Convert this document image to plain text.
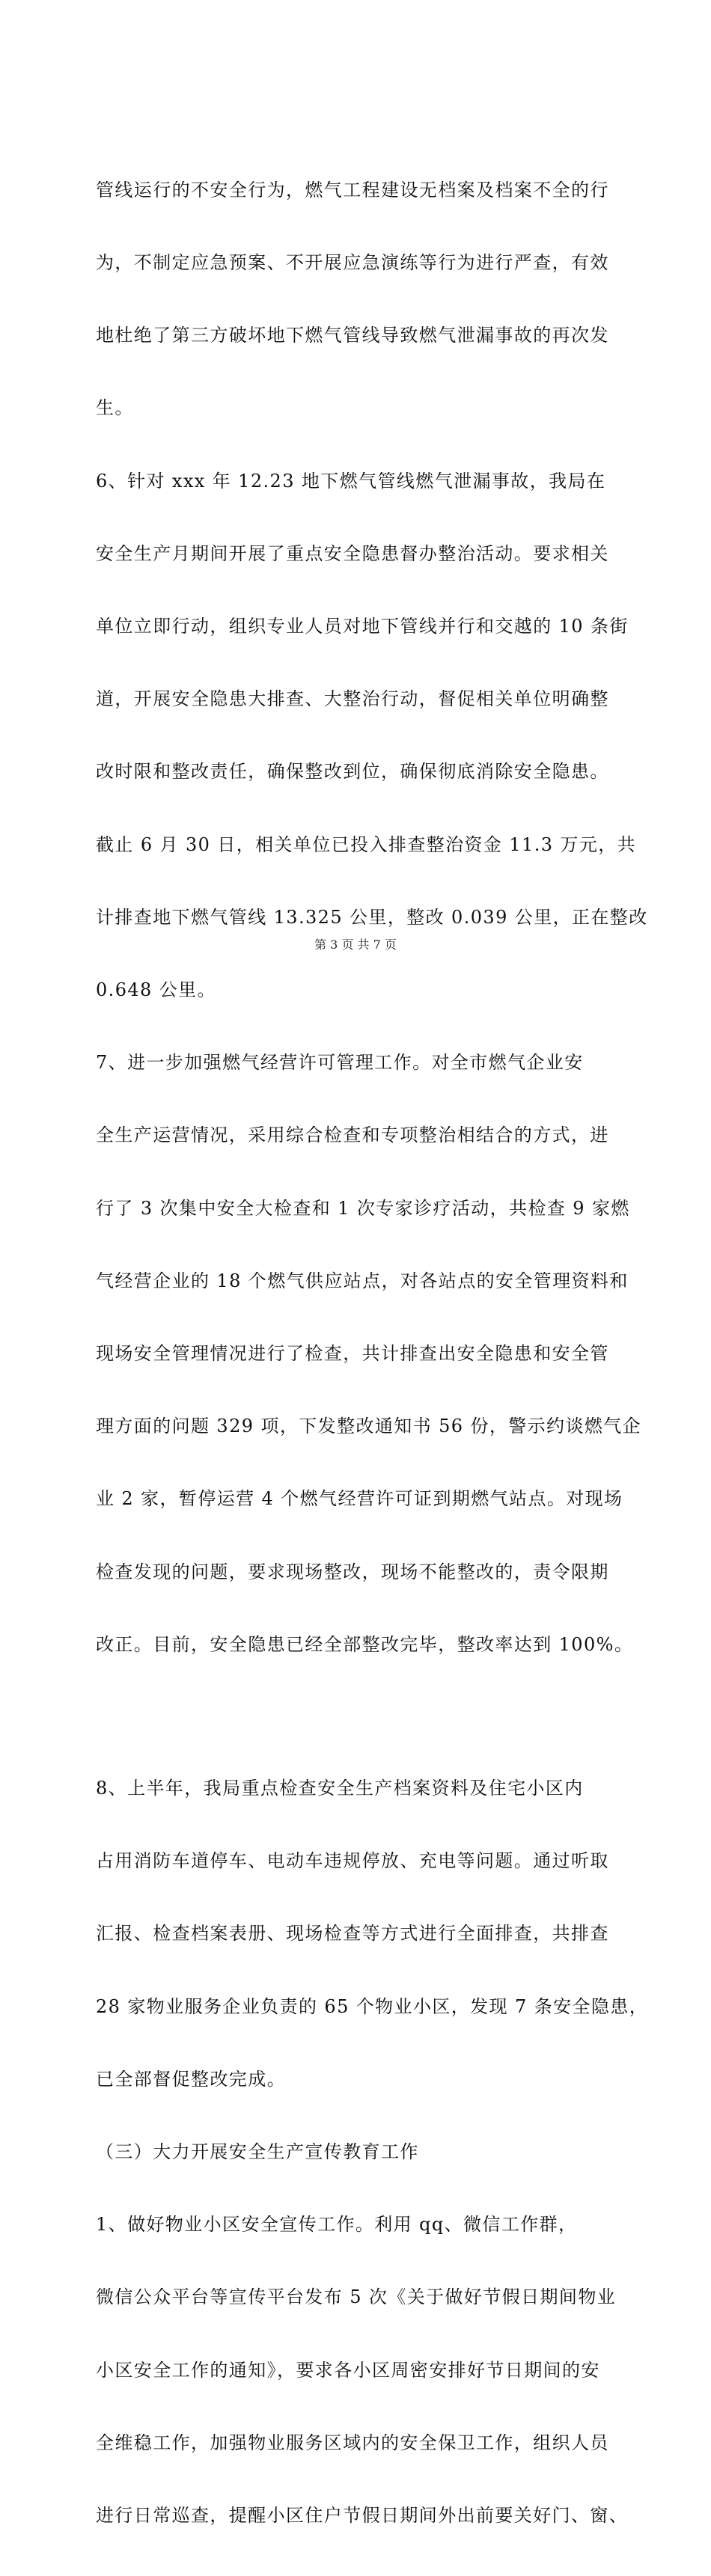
管线运行的不安全行为，燃气工程建设无档案及档案不全的行

为，不制定应急预案、不开展应急演练等行为进行严查，有效

地杜绝了第三方破坏地下燃气管线导致燃气泄漏事故的再次发

生。

6、针对 xxx 年 12.23 地下燃气管线燃气泄漏事故，我局在

安全生产月期间开展了重点安全隐患督办整治活动。要求相关

单位立即行动，组织专业人员对地下管线并行和交越的 10 条街

道，开展安全隐患大排查、大整治行动，督促相关单位明确整

改时限和整改责任，确保整改到位，确保彻底消除安全隐患。

截止 6 月 30 日，相关单位已投入排查整治资金 11.3 万元，共

计排查地下燃气管线 13.325 公里，整改 0.039 公里，正在整改

0.648 公里。

7、进一步加强燃气经营许可管理工作。对全市燃气企业安

全生产运营情况，采用综合检查和专项整治相结合的方式，进

行了 3 次集中安全大检查和 1 次专家诊疗活动，共检查 9 家燃

气经营企业的 18 个燃气供应站点，对各站点的安全管理资料和

现场安全管理情况进行了检查，共计排查出安全隐患和安全管

理方面的问题 329 项，下发整改通知书 56 份，警示约谈燃气企

业 2 家，暂停运营 4 个燃气经营许可证到期燃气站点。对现场

检查发现的问题，要求现场整改，现场不能整改的，责令限期

改正。目前，安全隐患已经全部整改完毕，整改率达到 100%。

8、上半年，我局重点检查安全生产档案资料及住宅小区内

占用消防车道停车、电动车违规停放、充电等问题。通过听取

汇报、检查档案表册、现场检查等方式进行全面排查，共排查

28 家物业服务企业负责的 65 个物业小区，发现 7 条安全隐患，

已全部督促整改完成。

（三）大力开展安全生产宣传教育工作

1、做好物业小区安全宣传工作。利用 qq、微信工作群，

微信公众平台等宣传平台发布 5 次《关于做好节假日期间物业

小区安全工作的通知》，要求各小区周密安排好节日期间的安

全维稳工作，加强物业服务区域内的安全保卫工作，组织人员

进行日常巡查，提醒小区住户节假日期间外出前要关好门、窗、

第 3 页 共 7 页
